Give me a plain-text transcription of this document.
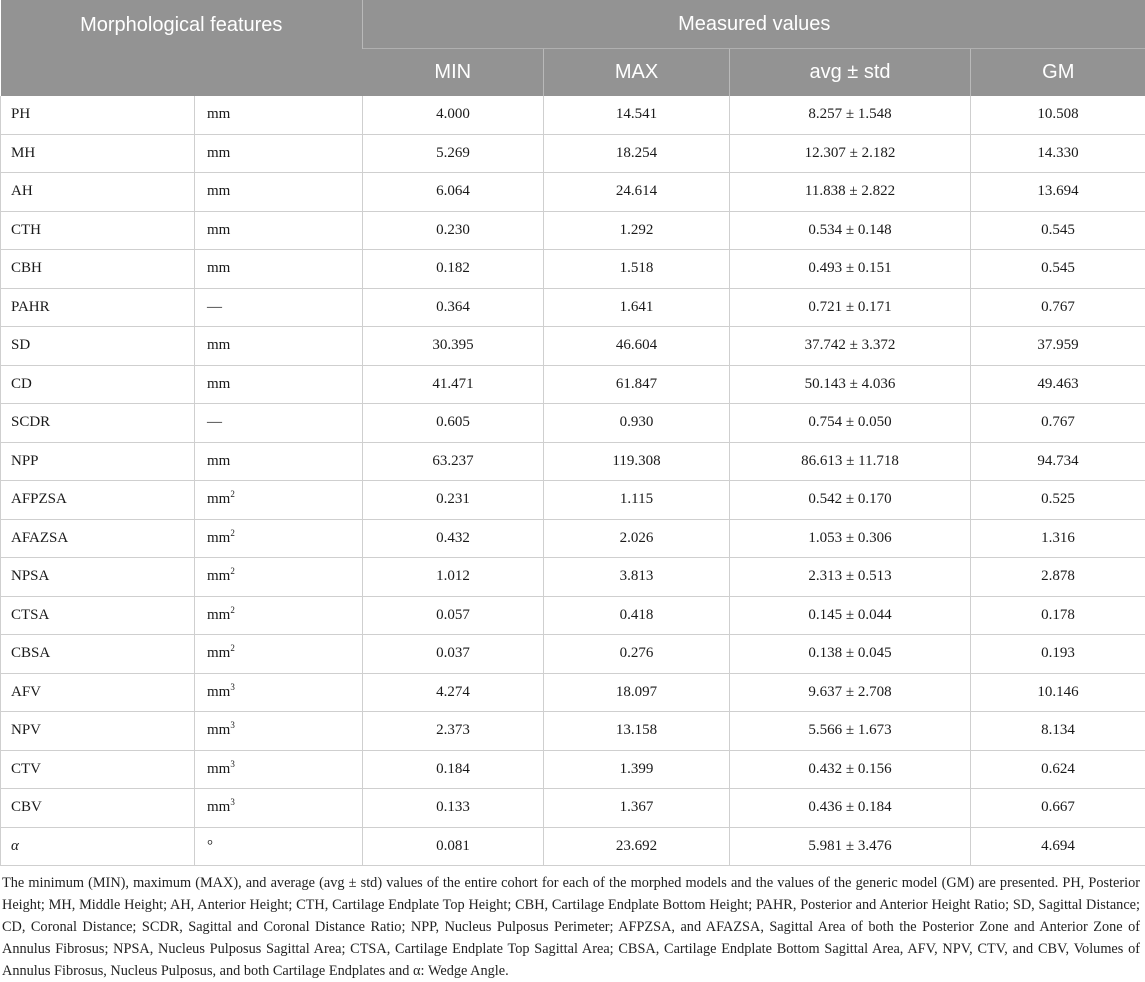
Morphological features		Measured values			
		MIN	MAX	avg ± std	GM
PH	mm	4.000	14.541	8.257 ± 1.548	10.508
MH	mm	5.269	18.254	12.307 ± 2.182	14.330
AH	mm	6.064	24.614	11.838 ± 2.822	13.694
CTH	mm	0.230	1.292	0.534 ± 0.148	0.545
CBH	mm	0.182	1.518	0.493 ± 0.151	0.545
PAHR	—	0.364	1.641	0.721 ± 0.171	0.767
SD	mm	30.395	46.604	37.742 ± 3.372	37.959
CD	mm	41.471	61.847	50.143 ± 4.036	49.463
SCDR	—	0.605	0.930	0.754 ± 0.050	0.767
NPP	mm	63.237	119.308	86.613 ± 11.718	94.734
AFPZSA	$mm^2$	0.231	1.115	0.542 ± 0.170	0.525
AFAZSA	$mm^2$	0.432	2.026	1.053 ± 0.306	1.316
NPSA	$mm^2$	1.012	3.813	2.313 ± 0.513	2.878
CTSA	$mm^2$	0.057	0.418	0.145 ± 0.044	0.178
CBSA	$mm^2$	0.037	0.276	0.138 ± 0.045	0.193
AFV	$mm^3$	4.274	18.097	9.637 ± 2.708	10.146
NPV	$mm^3$	2.373	13.158	5.566 ± 1.673	8.134
CTV	$mm^3$	0.184	1.399	0.432 ± 0.156	0.624
CBV	$mm^3$	0.133	1.367	0.436 ± 0.184	0.667
α	°	0.081	23.692	5.981 ± 3.476	4.694

The minimum (MIN), maximum (MAX), and average (avg ± std) values of the entire cohort for each of the morphed models and the values of the generic model (GM) are presented. PH, Posterior Height; MH, Middle Height; AH, Anterior Height; CTH, Cartilage Endplate Top Height; CBH, Cartilage Endplate Bottom Height; PAHR, Posterior and Anterior Height Ratio; SD, Sagittal Distance; CD, Coronal Distance; SCDR, Sagittal and Coronal Distance Ratio; NPP, Nucleus Pulposus Perimeter; AFPZSA, and AFAZSA, Sagittal Area of both the Posterior Zone and Anterior Zone of Annulus Fibrosus; NPSA, Nucleus Pulposus Sagittal Area; CTSA, Cartilage Endplate Top Sagittal Area; CBSA, Cartilage Endplate Bottom Sagittal Area, AFV, NPV, CTV, and CBV, Volumes of Annulus Fibrosus, Nucleus Pulposus, and both Cartilage Endplates and α: Wedge Angle.
